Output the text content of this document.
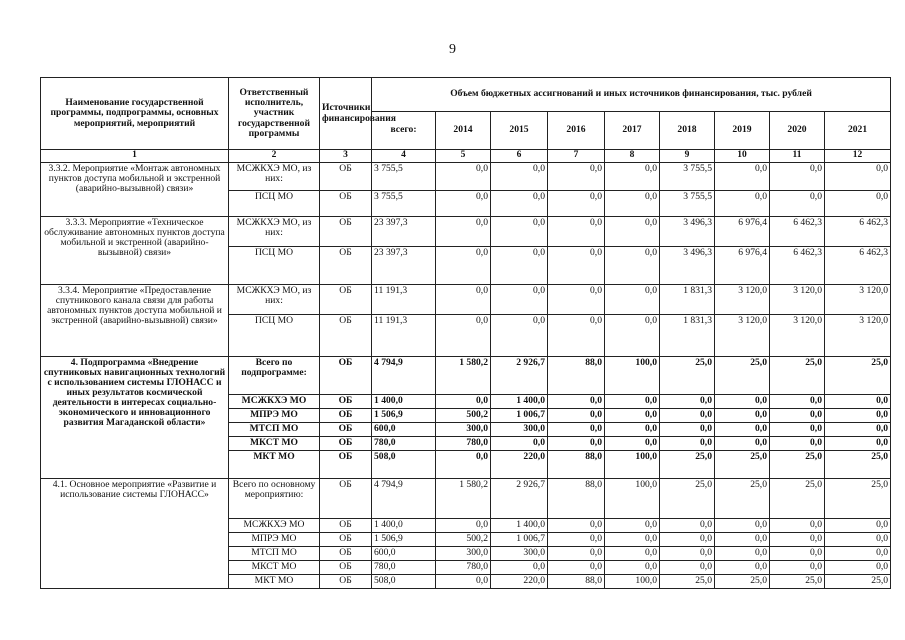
9
Наименование государственной программы, подпрограммы, основных мероприятий, мероприятий	Ответственный исполнитель, участник государственной программы	Источники финансирования	Объем бюджетных ассигнований и иных источников финансирования, тыс. рублей								
			всего:	2014	2015	2016	2017	2018	2019	2020	2021
1	2	3	4	5	6	7	8	9	10	11	12
3.3.2. Мероприятие «Монтаж автономных пунктов доступа мобильной и экстренной (аварийно-вызывной) связи»	МСЖКХЭ МО, из них:	ОБ	3 755,5	0,0	0,0	0,0	0,0	3 755,5	0,0	0,0	0,0
	ПСЦ МО	ОБ	3 755,5	0,0	0,0	0,0	0,0	3 755,5	0,0	0,0	0,0
3.3.3. Мероприятие «Техническое обслуживание автономных пунктов доступа мобильной и экстренной (аварийно-вызывной) связи»	МСЖКХЭ МО, из них:	ОБ	23 397,3	0,0	0,0	0,0	0,0	3 496,3	6 976,4	6 462,3	6 462,3
	ПСЦ МО	ОБ	23 397,3	0,0	0,0	0,0	0,0	3 496,3	6 976,4	6 462,3	6 462,3
3.3.4. Мероприятие «Предоставление спутникового канала связи для работы автономных пунктов доступа мобильной и экстренной (аварийно-вызывной) связи»	МСЖКХЭ МО, из них:	ОБ	11 191,3	0,0	0,0	0,0	0,0	1 831,3	3 120,0	3 120,0	3 120,0
	ПСЦ МО	ОБ	11 191,3	0,0	0,0	0,0	0,0	1 831,3	3 120,0	3 120,0	3 120,0
4. Подпрограмма «Внедрение спутниковых навигационных технологий с использованием системы ГЛОНАСС и иных результатов космической деятельности в интересах социально-экономического и инновационного развития Магаданской области»	Всего по подпрограмме:	ОБ	4 794,9	1 580,2	2 926,7	88,0	100,0	25,0	25,0	25,0	25,0
	МСЖКХЭ МО	ОБ	1 400,0	0,0	1 400,0	0,0	0,0	0,0	0,0	0,0	0,0
	МПРЭ МО	ОБ	1 506,9	500,2	1 006,7	0,0	0,0	0,0	0,0	0,0	0,0
	МТСП МО	ОБ	600,0	300,0	300,0	0,0	0,0	0,0	0,0	0,0	0,0
	МКСТ МО	ОБ	780,0	780,0	0,0	0,0	0,0	0,0	0,0	0,0	0,0
	МКТ МО	ОБ	508,0	0,0	220,0	88,0	100,0	25,0	25,0	25,0	25,0
4.1. Основное мероприятие «Развитие и использование системы ГЛОНАСС»	Всего по основному мероприятию:	ОБ	4 794,9	1 580,2	2 926,7	88,0	100,0	25,0	25,0	25,0	25,0
	МСЖКХЭ МО	ОБ	1 400,0	0,0	1 400,0	0,0	0,0	0,0	0,0	0,0	0,0
	МПРЭ МО	ОБ	1 506,9	500,2	1 006,7	0,0	0,0	0,0	0,0	0,0	0,0
	МТСП МО	ОБ	600,0	300,0	300,0	0,0	0,0	0,0	0,0	0,0	0,0
	МКСТ МО	ОБ	780,0	780,0	0,0	0,0	0,0	0,0	0,0	0,0	0,0
	МКТ МО	ОБ	508,0	0,0	220,0	88,0	100,0	25,0	25,0	25,0	25,0
